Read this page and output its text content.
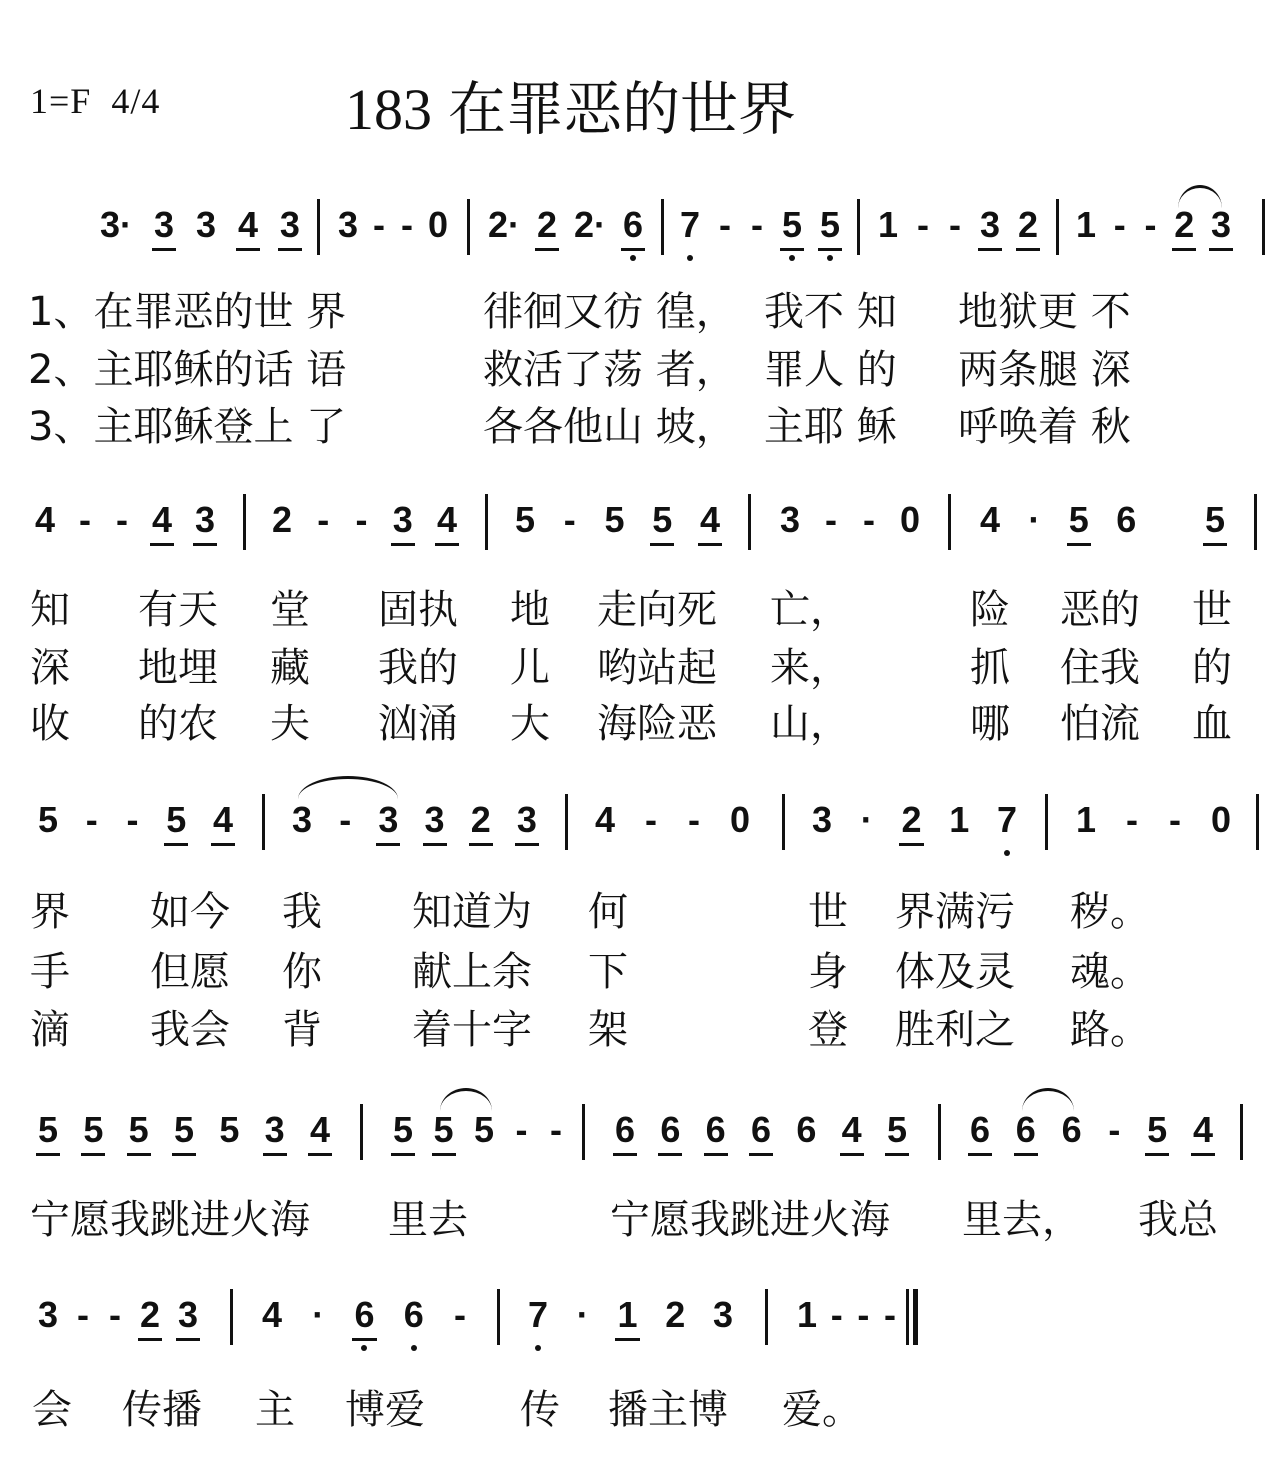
1=F  4/4	183 在罪恶的世界
3· 3 3 4 3 3 - - 0 2· 2 2· 6 7 - - 5 5 1 - - 3 2 1 - - 2 3
1、在罪恶的世 界	徘徊又彷 徨， 我不 知 地狱更 不
2、主耶稣的话 语	救活了荡 者， 罪人 的 两条腿 深
3、主耶稣登上 了	各各他山 坡， 主耶 稣 呼唤着 秋
4 - - 4 3 2 - - 3 4 5 - 5 5 4 3 - - 0 4 · 5 6 5
知 有天 堂 固执 地 走向死 亡，	险 恶的 世
深 地埋 藏 我的 儿 哟站起 来，	抓 住我 的
收 的农 夫 汹涌 大 海险恶 山，	哪 怕流 血
5 - - 5 4 3 - 3 3 2 3 4 - - 0 3 · 2 1 7 1 - - 0
界 如今 我 知道为 何	世 界满污 秽。
手 但愿 你 献上余 下	身 体及灵 魂。
滴 我会 背 着十字 架	登 胜利之 路。
5 5 5 5 5 3 4 5 5 5 - - 6 6 6 6 6 4 5 6 6 6 - 5 4
宁愿我跳进火海 里去	宁愿我跳进火海 里去， 我总
3 - - 2 3 4 · 6 6 - 7 · 1 2 3 1 - - -
会 传播 主 博爱 传 播主博 爱。
